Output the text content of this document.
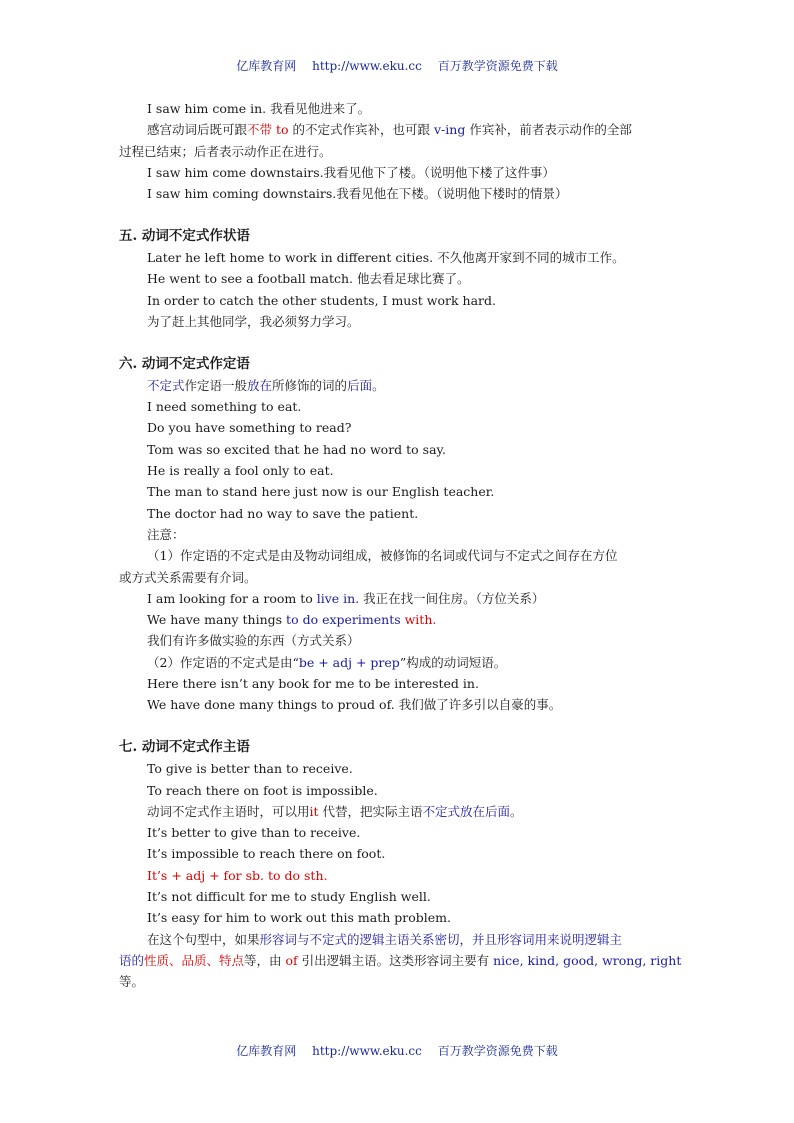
亿库教育网 http://www.eku.cc 百万教学资源免费下载
I saw him come in. 我看见他进来了。
感宫动词后既可跟不带 to 的不定式作宾补，也可跟 v-ing 作宾补，前者表示动作的全部
过程已结束；后者表示动作正在进行。
I saw him come downstairs.我看见他下了楼。（说明他下楼了这件事）
I saw him coming downstairs.我看见他在下楼。（说明他下楼时的情景）
五. 动词不定式作状语
Later he left home to work in different cities. 不久他离开家到不同的城市工作。
He went to see a football match. 他去看足球比赛了。
In order to catch the other students, I must work hard.
为了赶上其他同学，我必须努力学习。
六. 动词不定式作定语
不定式作定语一般放在所修饰的词的后面。
I need something to eat.
Do you have something to read?
Tom was so excited that he had no word to say.
He is really a fool only to eat.
The man to stand here just now is our English teacher.
The doctor had no way to save the patient.
注意：
（1）作定语的不定式是由及物动词组成，被修饰的名词或代词与不定式之间存在方位
或方式关系需要有介词。
I am looking for a room to live in. 我正在找一间住房。（方位关系）
We have many things to do experiments with.
我们有许多做实验的东西（方式关系）
（2）作定语的不定式是由“be + adj + prep”构成的动词短语。
Here there isn’t any book for me to be interested in.
We have done many things to proud of. 我们做了许多引以自豪的事。
七. 动词不定式作主语
To give is better than to receive.
To reach there on foot is impossible.
动词不定式作主语时，可以用it 代替，把实际主语不定式放在后面。
It’s better to give than to receive.
It’s impossible to reach there on foot.
It’s + adj + for sb. to do sth.
It’s not difficult for me to study English well.
It’s easy for him to work out this math problem.
在这个句型中，如果形容词与不定式的逻辑主语关系密切，并且形容词用来说明逻辑主
语的性质、品质、特点等，由 of 引出逻辑主语。这类形容词主要有 nice, kind, good, wrong, right
等。
亿库教育网 http://www.eku.cc 百万教学资源免费下载
